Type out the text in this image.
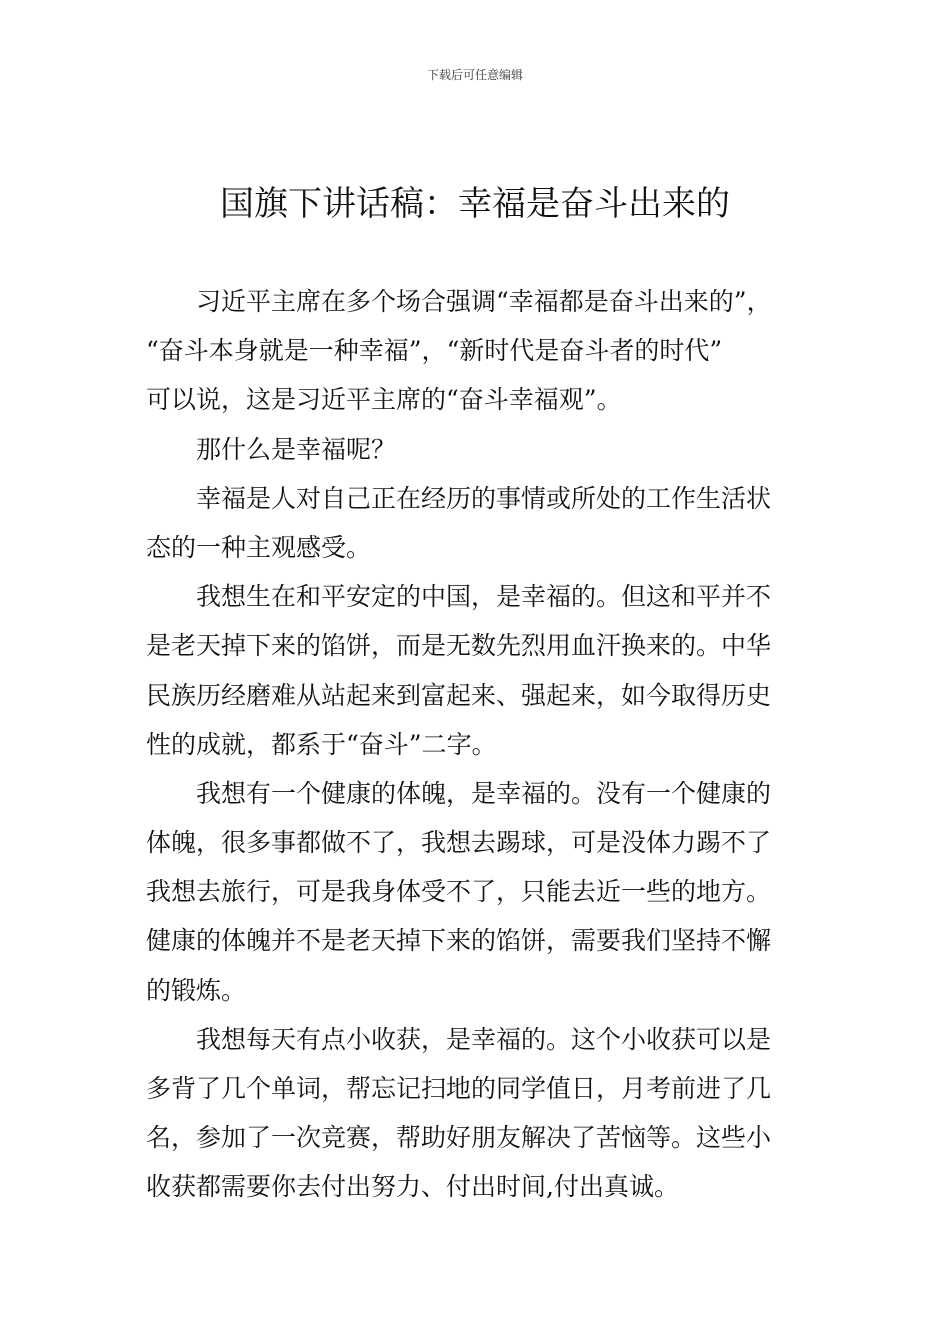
下载后可任意编辑
国旗下讲话稿：幸福是奋斗出来的
习近平主席在多个场合强调“幸福都是奋斗出来的”，
“奋斗本身就是一种幸福”，“新时代是奋斗者的时代”
可以说，这是习近平主席的“奋斗幸福观”。
那什么是幸福呢？
幸福是人对自己正在经历的事情或所处的工作生活状
态的一种主观感受。
我想生在和平安定的中国，是幸福的。但这和平并不
是老天掉下来的馅饼，而是无数先烈用血汗换来的。中华
民族历经磨难从站起来到富起来、强起来，如今取得历史
性的成就，都系于“奋斗”二字。
我想有一个健康的体魄，是幸福的。没有一个健康的
体魄，很多事都做不了，我想去踢球，可是没体力踢不了
我想去旅行，可是我身体受不了，只能去近一些的地方。
健康的体魄并不是老天掉下来的馅饼，需要我们坚持不懈
的锻炼。
我想每天有点小收获，是幸福的。这个小收获可以是
多背了几个单词，帮忘记扫地的同学值日，月考前进了几
名，参加了一次竞赛，帮助好朋友解决了苦恼等。这些小
收获都需要你去付出努力、付出时间,付出真诚。
